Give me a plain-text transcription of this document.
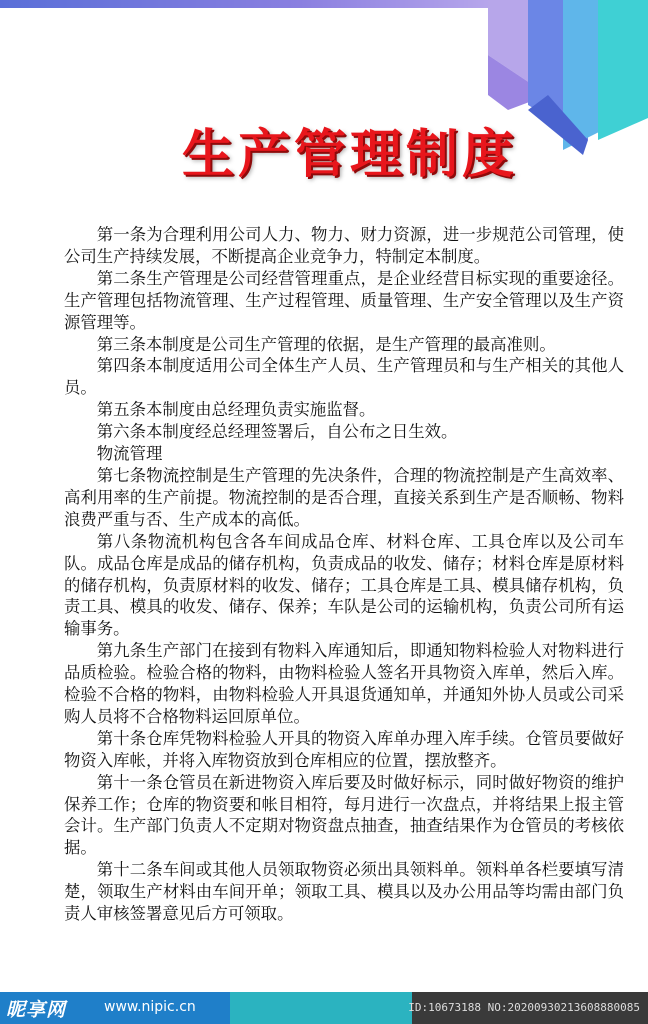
生产管理制度

第一条为合理利用公司人力、物力、财力资源，进一步规范公司管理，使公司生产持续发展，不断提高企业竞争力，特制定本制度。

第二条生产管理是公司经营管理重点，是企业经营目标实现的重要途径。生产管理包括物流管理、生产过程管理、质量管理、生产安全管理以及生产资源管理等。

第三条本制度是公司生产管理的依据，是生产管理的最高准则。

第四条本制度适用公司全体生产人员、生产管理员和与生产相关的其他人员。

第五条本制度由总经理负责实施监督。

第六条本制度经总经理签署后，自公布之日生效。

物流管理

第七条物流控制是生产管理的先决条件，合理的物流控制是产生高效率、高利用率的生产前提。物流控制的是否合理，直接关系到生产是否顺畅、物料浪费严重与否、生产成本的高低。

第八条物流机构包含各车间成品仓库、材料仓库、工具仓库以及公司车队。成品仓库是成品的储存机构，负责成品的收发、储存；材料仓库是原材料的储存机构，负责原材料的收发、储存；工具仓库是工具、模具储存机构，负责工具、模具的收发、储存、保养；车队是公司的运输机构，负责公司所有运输事务。

第九条生产部门在接到有物料入库通知后，即通知物料检验人对物料进行品质检验。检验合格的物料，由物料检验人签名开具物资入库单，然后入库。检验不合格的物料，由物料检验人开具退货通知单，并通知外协人员或公司采购人员将不合格物料运回原单位。

第十条仓库凭物料检验人开具的物资入库单办理入库手续。仓管员要做好物资入库帐，并将入库物资放到仓库相应的位置，摆放整齐。

第十一条仓管员在新进物资入库后要及时做好标示，同时做好物资的维护保养工作；仓库的物资要和帐目相符，每月进行一次盘点，并将结果上报主管会计。生产部门负责人不定期对物资盘点抽查，抽查结果作为仓管员的考核依据。

第十二条车间或其他人员领取物资必须出具领料单。领料单各栏要填写清楚，领取生产材料由车间开单；领取工具、模具以及办公用品等均需由部门负责人审核签署意见后方可领取。

昵享网	www.nipic.cn	ID:10673188 NO:20200930213608880085
